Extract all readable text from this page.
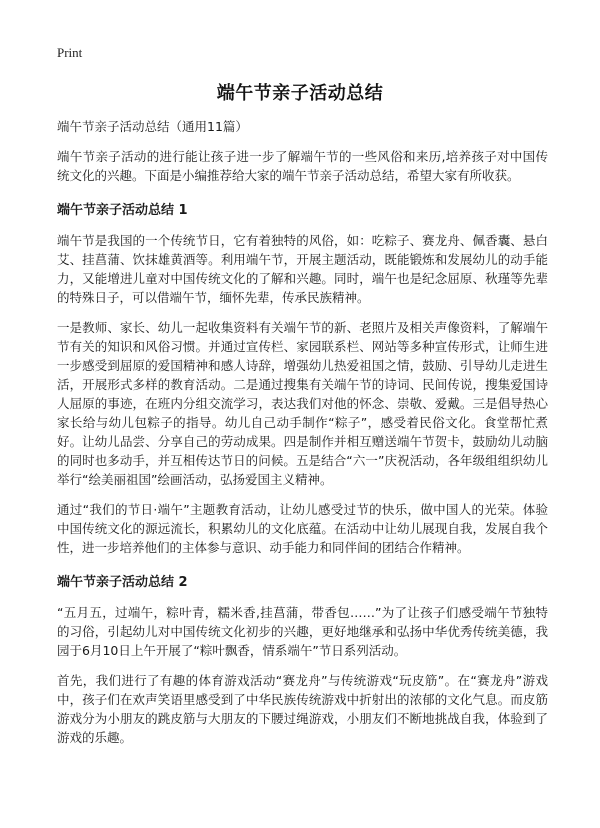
Print
端午节亲子活动总结
端午节亲子活动总结（通用11篇）

端午节亲子活动的进行能让孩子进一步了解端午节的一些风俗和来历,培养孩子对中国传统文化的兴趣。下面是小编推荐给大家的端午节亲子活动总结，希望大家有所收获。

端午节亲子活动总结 1

端午节是我国的一个传统节日，它有着独特的风俗，如：吃粽子、赛龙舟、佩香囊、悬白艾、挂菖蒲、饮抹雄黄酒等。利用端午节，开展主题活动，既能锻炼和发展幼儿的动手能力，又能增进儿童对中国传统文化的了解和兴趣。同时，端午也是纪念屈原、秋瑾等先辈的特殊日子，可以借端午节，缅怀先辈，传承民族精神。

一是教师、家长、幼儿一起收集资料有关端午节的新、老照片及相关声像资料，了解端午节有关的知识和风俗习惯。并通过宣传栏、家园联系栏、网站等多种宣传形式，让师生进一步感受到屈原的爱国精神和感人诗辞，增强幼儿热爱祖国之情，鼓励、引导幼儿走进生活，开展形式多样的教育活动。二是通过搜集有关端午节的诗词、民间传说，搜集爱国诗人屈原的事迹，在班内分组交流学习，表达我们对他的怀念、崇敬、爱戴。三是倡导热心家长给与幼儿包粽子的指导。幼儿自己动手制作“粽子”，感受着民俗文化。食堂帮忙煮好。让幼儿品尝、分享自己的劳动成果。四是制作并相互赠送端午节贺卡，鼓励幼儿动脑的同时也多动手，并互相传达节日的问候。五是结合“六一”庆祝活动，各年级组组织幼儿举行“绘美丽祖国”绘画活动，弘扬爱国主义精神。

通过“我们的节日·端午”主题教育活动，让幼儿感受过节的快乐，做中国人的光荣。体验中国传统文化的源远流长，积累幼儿的文化底蕴。在活动中让幼儿展现自我，发展自我个性，进一步培养他们的主体参与意识、动手能力和同伴间的团结合作精神。

端午节亲子活动总结 2

“五月五，过端午，粽叶青，糯米香,挂菖蒲，带香包……”为了让孩子们感受端午节独特的习俗，引起幼儿对中国传统文化初步的兴趣，更好地继承和弘扬中华优秀传统美德，我园于6月10日上午开展了“粽叶飘香，情系端午”节日系列活动。

首先，我们进行了有趣的体育游戏活动“赛龙舟”与传统游戏“玩皮筋”。在“赛龙舟”游戏中，孩子们在欢声笑语里感受到了中华民族传统游戏中折射出的浓郁的文化气息。而皮筋游戏分为小朋友的跳皮筋与大朋友的下腰过绳游戏，小朋友们不断地挑战自我，体验到了游戏的乐趣。
